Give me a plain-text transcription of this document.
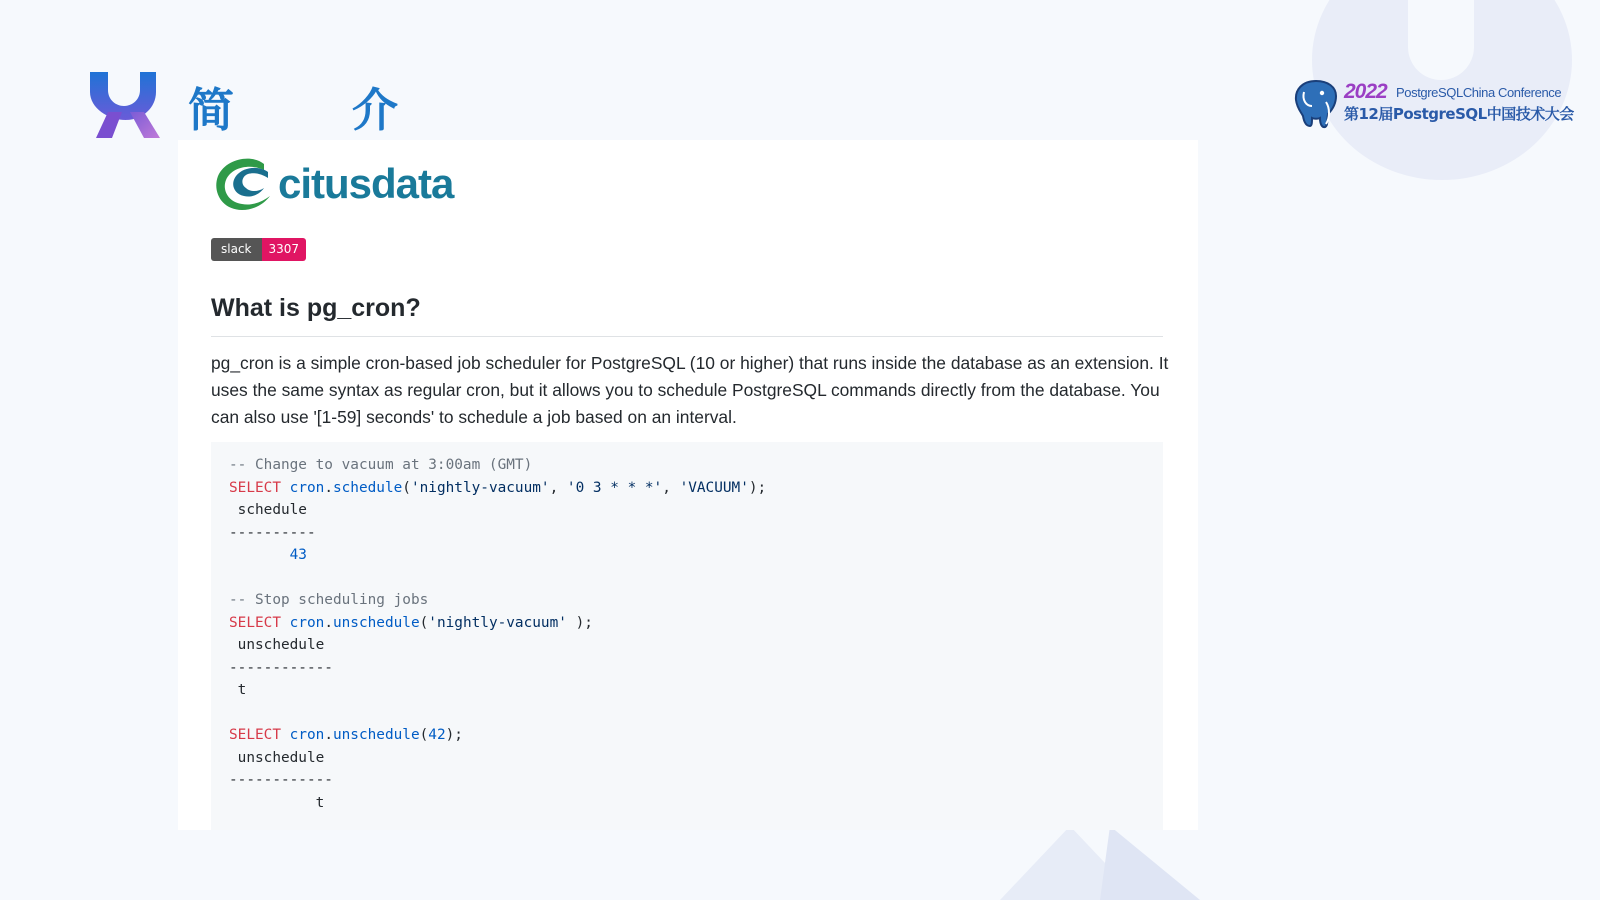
简	介	2022 PostgreSQLChina Conference
第12届PostgreSQL中国技术大会
citusdata
slack	3307
What is pg_cron?

pg_cron is a simple cron-based job scheduler for PostgreSQL (10 or higher) that runs inside the database as an extension. It uses the same syntax as regular cron, but it allows you to schedule PostgreSQL commands directly from the database. You can also use '[1-59] seconds' to schedule a job based on an interval.

-- Change to vacuum at 3:00am (GMT)
SELECT cron.schedule('nightly-vacuum', '0 3 * * *', 'VACUUM');
schedule
----------
43

-- Stop scheduling jobs
SELECT cron.unschedule('nightly-vacuum' );
unschedule
------------
t

SELECT cron.unschedule(42);
unschedule
------------
t
